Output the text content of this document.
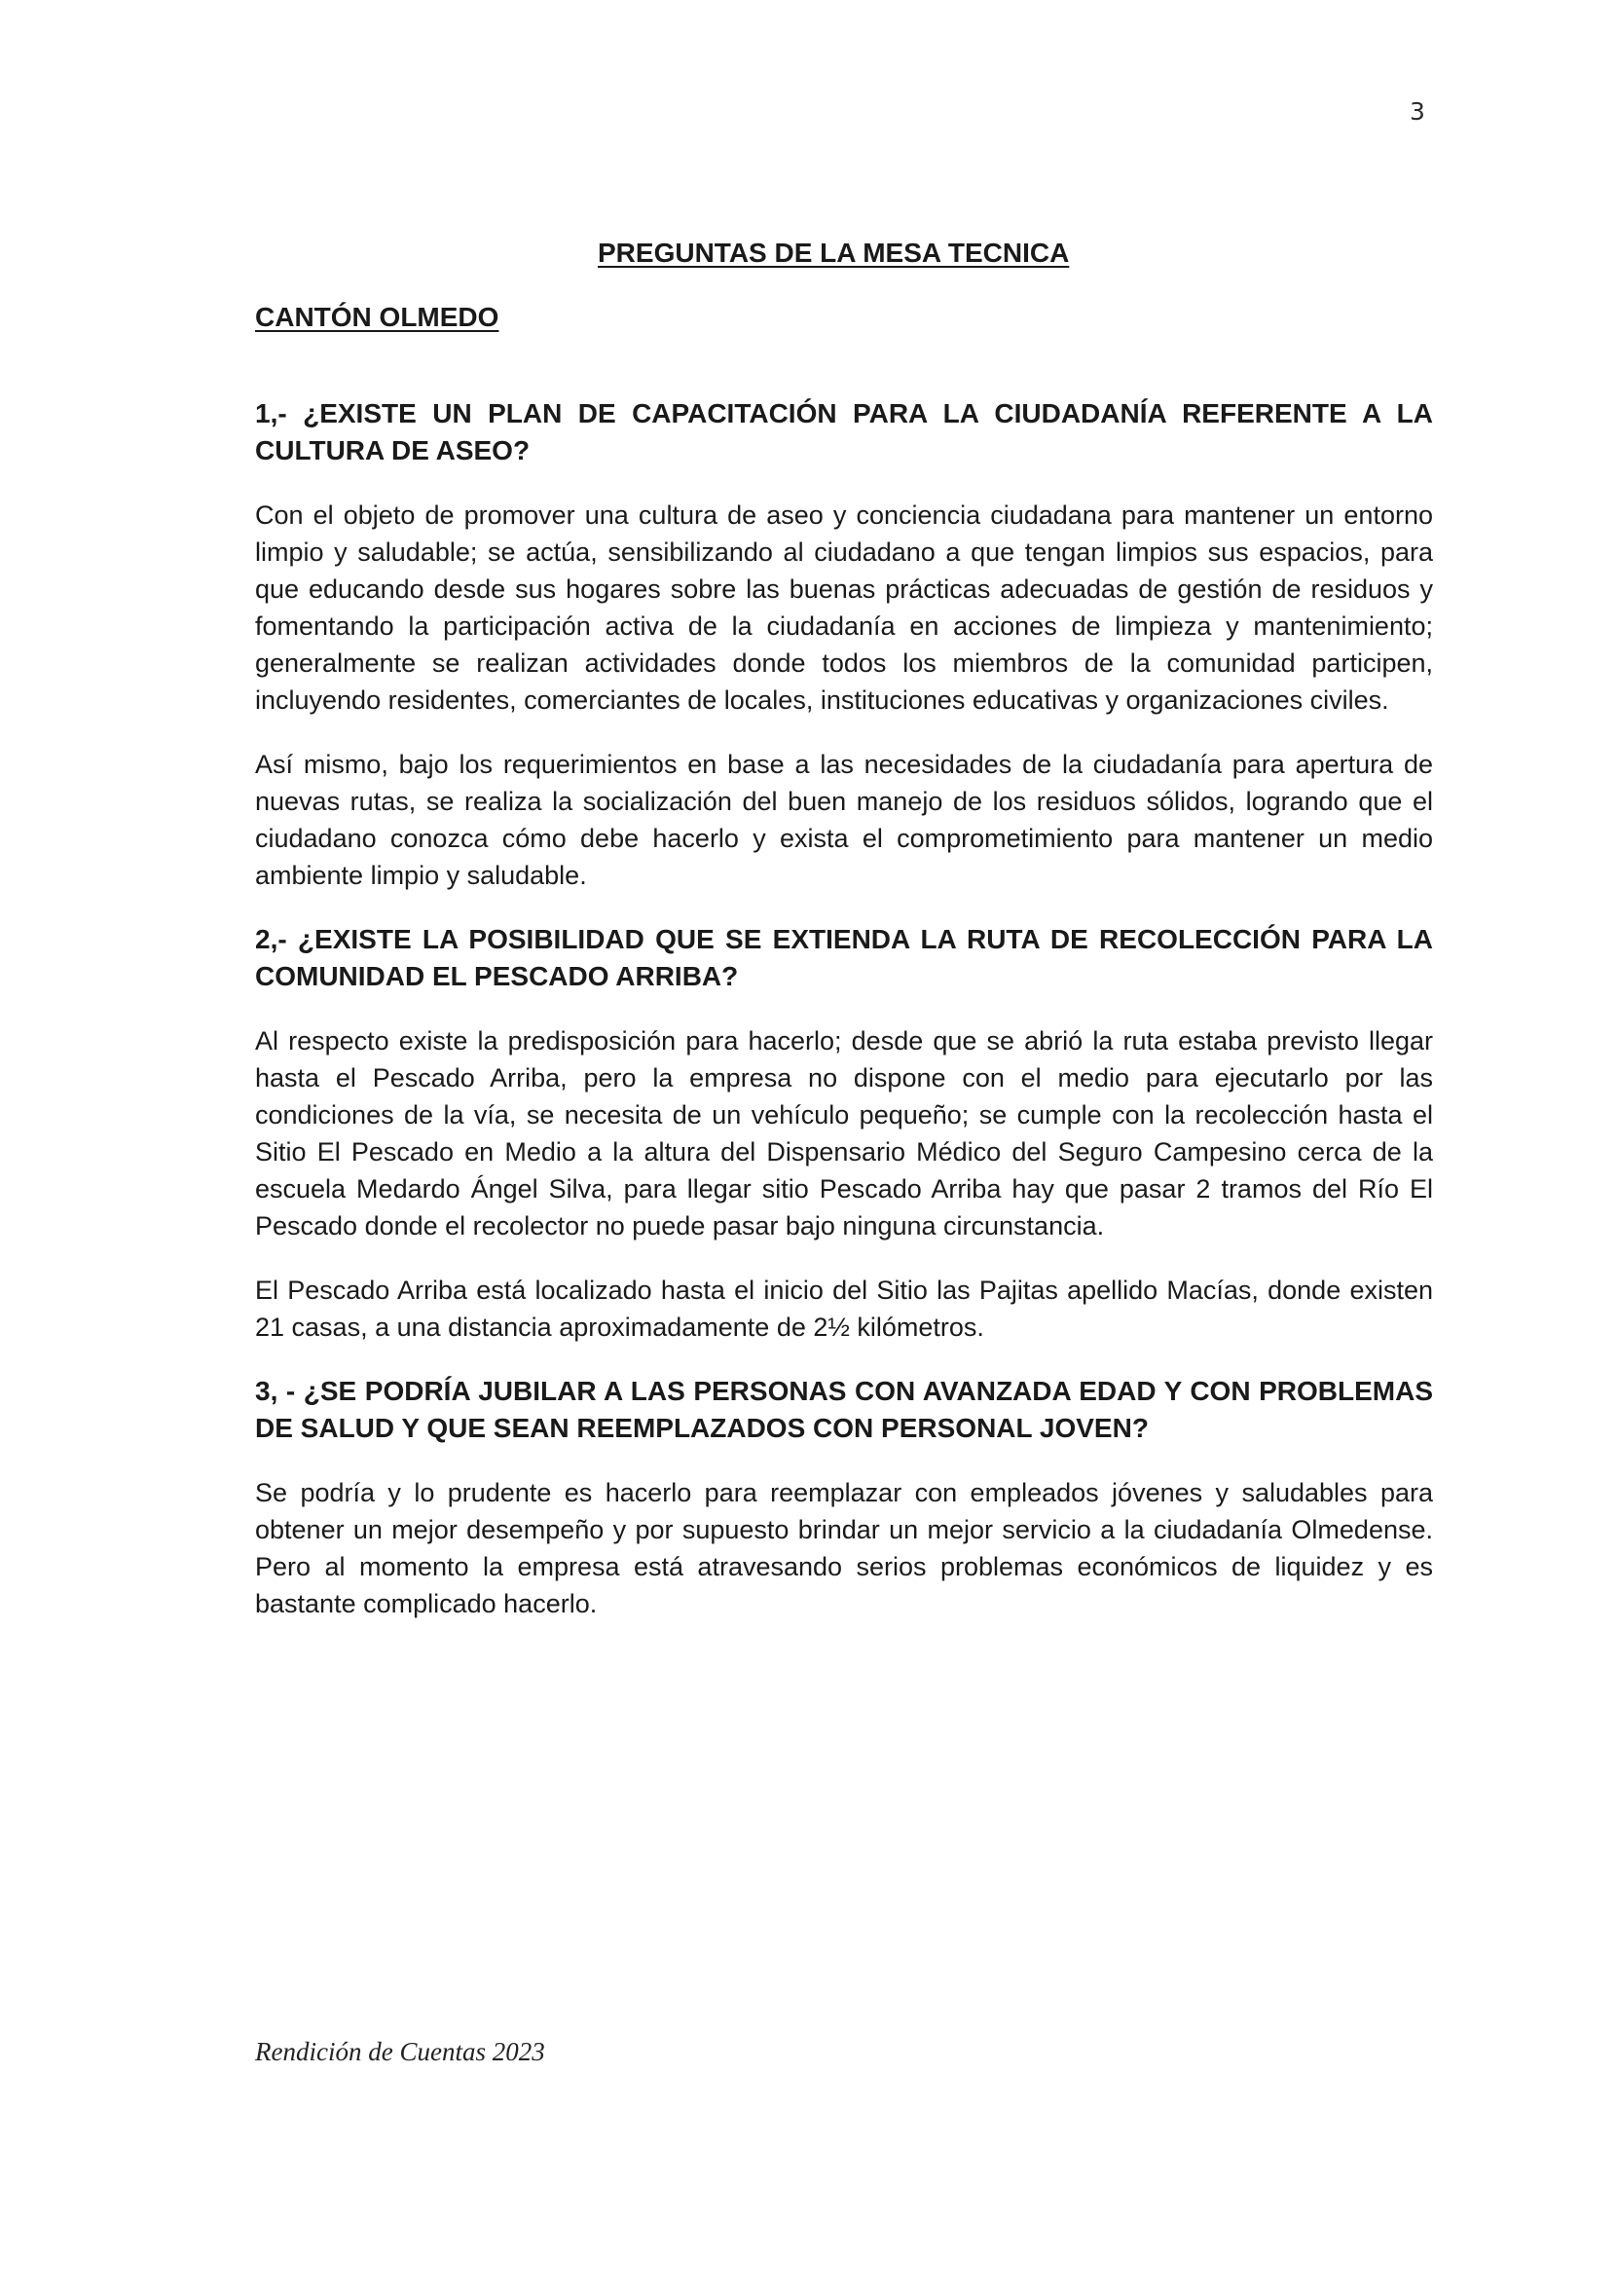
3
PREGUNTAS DE LA MESA TECNICA
CANTÓN OLMEDO

1,- ¿EXISTE UN PLAN DE CAPACITACIÓN PARA LA CIUDADANÍA REFERENTE A LA CULTURA DE ASEO?

Con el objeto de promover una cultura de aseo y conciencia ciudadana para mantener un entorno limpio y saludable; se actúa, sensibilizando al ciudadano a que tengan limpios sus espacios, para que educando desde sus hogares sobre las buenas prácticas adecuadas de gestión de residuos y fomentando la participación activa de la ciudadanía en acciones de limpieza y mantenimiento; generalmente se realizan actividades donde todos los miembros de la comunidad participen, incluyendo residentes, comerciantes de locales, instituciones educativas y organizaciones civiles.

Así mismo, bajo los requerimientos en base a las necesidades de la ciudadanía para apertura de nuevas rutas, se realiza la socialización del buen manejo de los residuos sólidos, logrando que el ciudadano conozca cómo debe hacerlo y exista el comprometimiento para mantener un medio ambiente limpio y saludable.

2,- ¿EXISTE LA POSIBILIDAD QUE SE EXTIENDA LA RUTA DE RECOLECCIÓN PARA LA COMUNIDAD EL PESCADO ARRIBA?

Al respecto existe la predisposición para hacerlo; desde que se abrió la ruta estaba previsto llegar hasta el Pescado Arriba, pero la empresa no dispone con el medio para ejecutarlo por las condiciones de la vía, se necesita de un vehículo pequeño; se cumple con la recolección hasta el Sitio El Pescado en Medio a la altura del Dispensario Médico del Seguro Campesino cerca de la escuela Medardo Ángel Silva, para llegar sitio Pescado Arriba hay que pasar 2 tramos del Río El Pescado donde el recolector no puede pasar bajo ninguna circunstancia.

El Pescado Arriba está localizado hasta el inicio del Sitio las Pajitas apellido Macías, donde existen 21 casas, a una distancia aproximadamente de 2½ kilómetros.

3, - ¿SE PODRÍA JUBILAR A LAS PERSONAS CON AVANZADA EDAD Y CON PROBLEMAS DE SALUD Y QUE SEAN REEMPLAZADOS CON PERSONAL JOVEN?

Se podría y lo prudente es hacerlo para reemplazar con empleados jóvenes y saludables para obtener un mejor desempeño y por supuesto brindar un mejor servicio a la ciudadanía Olmedense. Pero al momento la empresa está atravesando serios problemas económicos de liquidez y es bastante complicado hacerlo.

Rendición de Cuentas 2023
